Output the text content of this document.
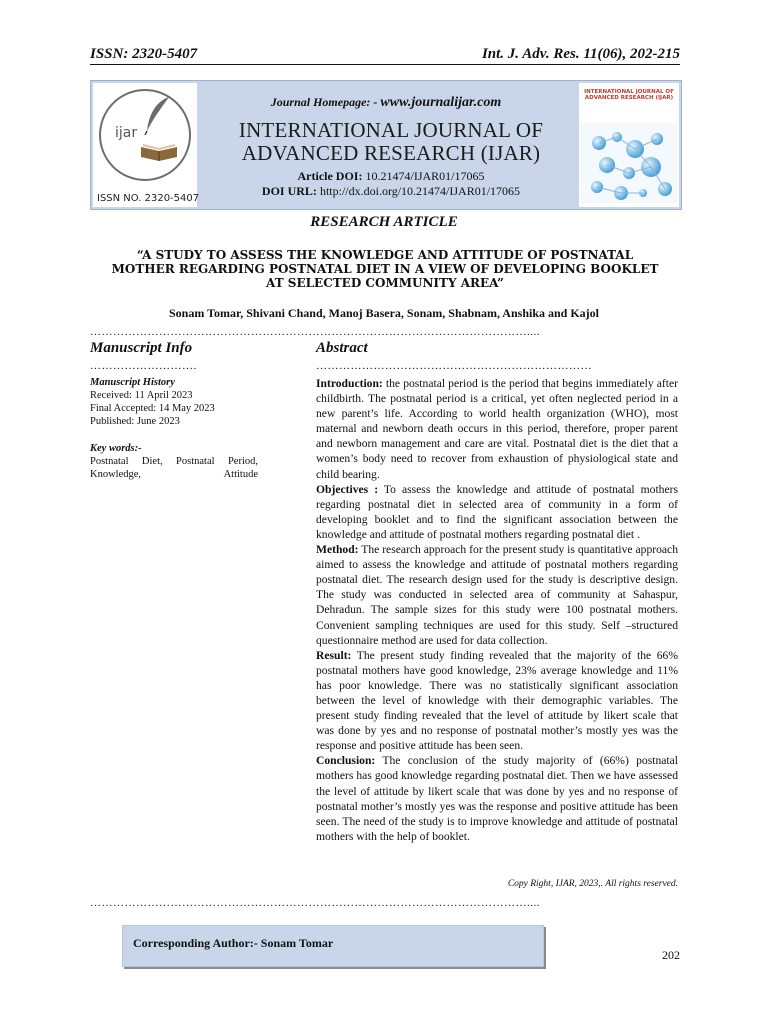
ISSN: 2320-5407	Int. J. Adv. Res. 11(06), 202-215
ijar
ISSN NO. 2320-5407
Journal Homepage: - www.journalijar.com
INTERNATIONAL JOURNAL OF
ADVANCED RESEARCH (IJAR)
Article DOI: 10.21474/IJAR01/17065
DOI URL: http://dx.doi.org/10.21474/IJAR01/17065
INTERNATIONAL JOURNAL OF ADVANCED RESEARCH (IJAR)
RESEARCH ARTICLE
“A STUDY TO ASSESS THE KNOWLEDGE AND ATTITUDE OF POSTNATAL MOTHER REGARDING POSTNATAL DIET IN A VIEW OF DEVELOPING BOOKLET AT SELECTED COMMUNITY AREA”
Sonam Tomar, Shivani Chand, Manoj Basera, Sonam, Shabnam, Anshika and Kajol
……………………………………………………………………………………………………....
Manuscript Info	Abstract
……………………….	………………………………………………………………
Manuscript History
Received: 11 April 2023
Final Accepted: 14 May 2023
Published: June 2023
Key words:-
Postnatal Diet, Postnatal Period, Knowledge, Attitude

Introduction: the postnatal period is the period that begins immediately after childbirth. The postnatal period is a critical, yet often neglected period in a new parent’s life. According to world health organization (WHO), most maternal and newborn death occurs in this period, therefore, proper parent and newborn management and care are vital. Postnatal diet is the diet that a women’s body need to recover from exhaustion of physiological state and child bearing.

Objectives : To assess the knowledge and attitude of postnatal mothers regarding postnatal diet in selected area of community in a form of developing booklet and to find the significant association between the knowledge and attitude of postnatal mothers regarding postnatal diet .

Method: The research approach for the present study is quantitative approach aimed to assess the knowledge and attitude of postnatal mothers regarding postnatal diet. The research design used for the study is descriptive design. The study was conducted in selected area of community at Sahaspur, Dehradun. The sample sizes for this study were 100 postnatal mothers. Convenient sampling techniques are used for this study. Self –structured questionnaire method are used for data collection.

Result: The present study finding revealed that the majority of the 66% postnatal mothers have good knowledge, 23% average knowledge and 11% has poor knowledge. There was no statistically significant association between the level of knowledge with their demographic variables. The present study finding revealed that the level of attitude by likert scale that was done by yes and no response of postnatal mother’s mostly yes was the response and positive attitude has been seen.

Conclusion: The conclusion of the study majority of (66%) postnatal mothers has good knowledge regarding postnatal diet. Then we have assessed the level of attitude by likert scale that was done by yes and no response of postnatal mother’s mostly yes was the response and positive attitude has been seen. The need of the study is to improve knowledge and attitude of postnatal mothers with the help of booklet.

Copy Right, IJAR, 2023,. All rights reserved.
……………………………………………………………………………………………………....
Corresponding Author:- Sonam Tomar
202
